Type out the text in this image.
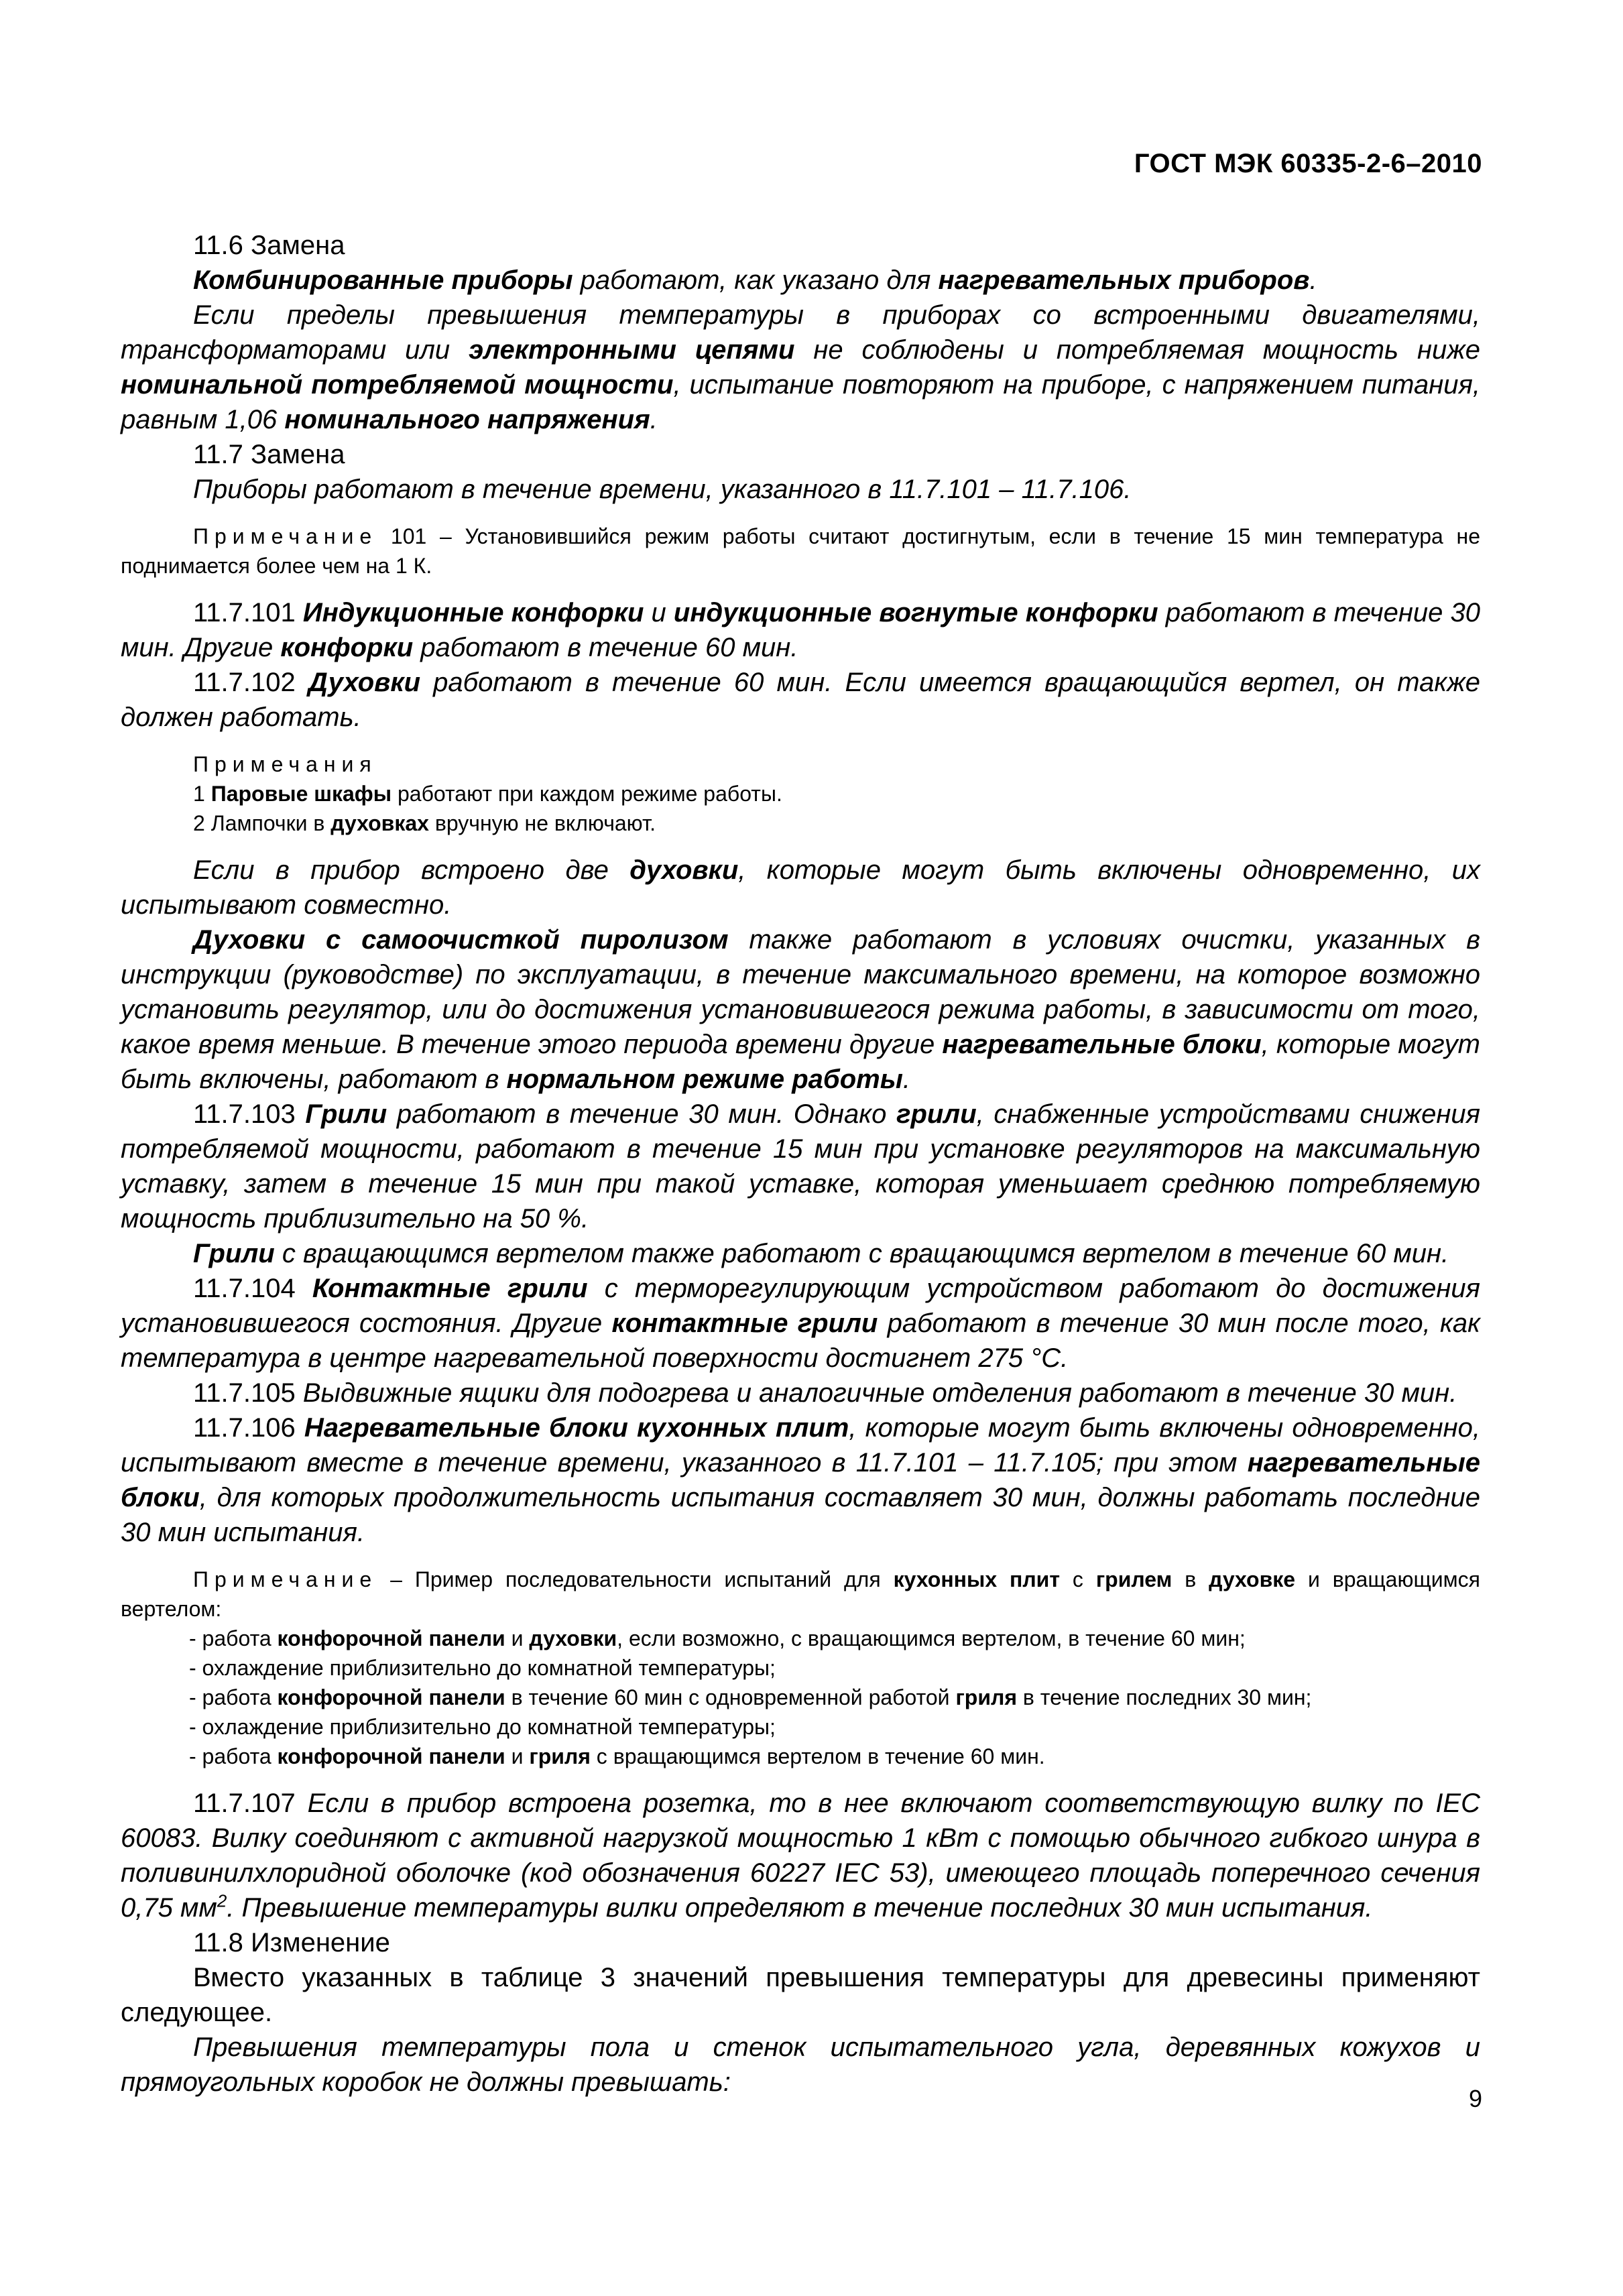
ГОСТ МЭК 60335-2-6–2010

11.6 Замена

Комбинированные приборы работают, как указано для нагревательных приборов.

Если пределы превышения температуры в приборах со встроенными двигателями, трансформаторами или электронными цепями не соблюдены и потребляемая мощность ниже номинальной потребляемой мощности, испытание повторяют на приборе, с напряжением питания, равным 1,06 номинального напряжения.

11.7 Замена

Приборы работают в течение времени, указанного в 11.7.101 – 11.7.106.

Примечание 101 – Установившийся режим работы считают достигнутым, если в течение 15 мин температура не поднимается более чем на 1 К.

11.7.101 Индукционные конфорки и индукционные вогнутые конфорки работают в течение 30 мин. Другие конфорки работают в течение 60 мин.

11.7.102 Духовки работают в течение 60 мин. Если имеется вращающийся вертел, он также должен работать.

Примечания

1 Паровые шкафы работают при каждом режиме работы.

2 Лампочки в духовках вручную не включают.

Если в прибор встроено две духовки, которые могут быть включены одновременно, их испытывают совместно.

Духовки с самоочисткой пиролизом также работают в условиях очистки, указанных в инструкции (руководстве) по эксплуатации, в течение максимального времени, на которое возможно установить регулятор, или до достижения установившегося режима работы, в зависимости от того, какое время меньше. В течение этого периода времени другие нагревательные блоки, которые могут быть включены, работают в нормальном режиме работы.

11.7.103 Грили работают в течение 30 мин. Однако грили, снабженные устройствами снижения потребляемой мощности, работают в течение 15 мин при установке регуляторов на максимальную уставку, затем в течение 15 мин при такой уставке, которая уменьшает среднюю потребляемую мощность приблизительно на 50 %.

Грили с вращающимся вертелом также работают с вращающимся вертелом в течение 60 мин.

11.7.104 Контактные грили с терморегулирующим устройством работают до достижения установившегося состояния. Другие контактные грили работают в течение 30 мин после того, как температура в центре нагревательной поверхности достигнет 275 °С.

11.7.105 Выдвижные ящики для подогрева и аналогичные отделения работают в течение 30 мин.

11.7.106 Нагревательные блоки кухонных плит, которые могут быть включены одновременно, испытывают вместе в течение времени, указанного в 11.7.101 – 11.7.105; при этом нагревательные блоки, для которых продолжительность испытания составляет 30 мин, должны работать последние 30 мин испытания.

Примечание – Пример последовательности испытаний для кухонных плит с грилем в духовке и вращающимся вертелом:

- работа конфорочной панели и духовки, если возможно, с вращающимся вертелом, в течение 60 мин;

- охлаждение приблизительно до комнатной температуры;

- работа конфорочной панели в течение 60 мин с одновременной работой гриля в течение последних 30 мин;

- охлаждение приблизительно до комнатной температуры;

- работа конфорочной панели и гриля с вращающимся вертелом в течение 60 мин.

11.7.107 Если в прибор встроена розетка, то в нее включают соответствующую вилку по IEC 60083. Вилку соединяют с активной нагрузкой мощностью 1 кВт с помощью обычного гибкого шнура в поливинилхлоридной оболочке (код обозначения 60227 IEC 53), имеющего площадь поперечного сечения 0,75 $мм^2$. Превышение температуры вилки определяют в течение последних 30 мин испытания.

11.8 Изменение

Вместо указанных в таблице 3 значений превышения температуры для древесины применяют следующее.

Превышения температуры пола и стенок испытательного угла, деревянных кожухов и прямоугольных коробок не должны превышать:

9
